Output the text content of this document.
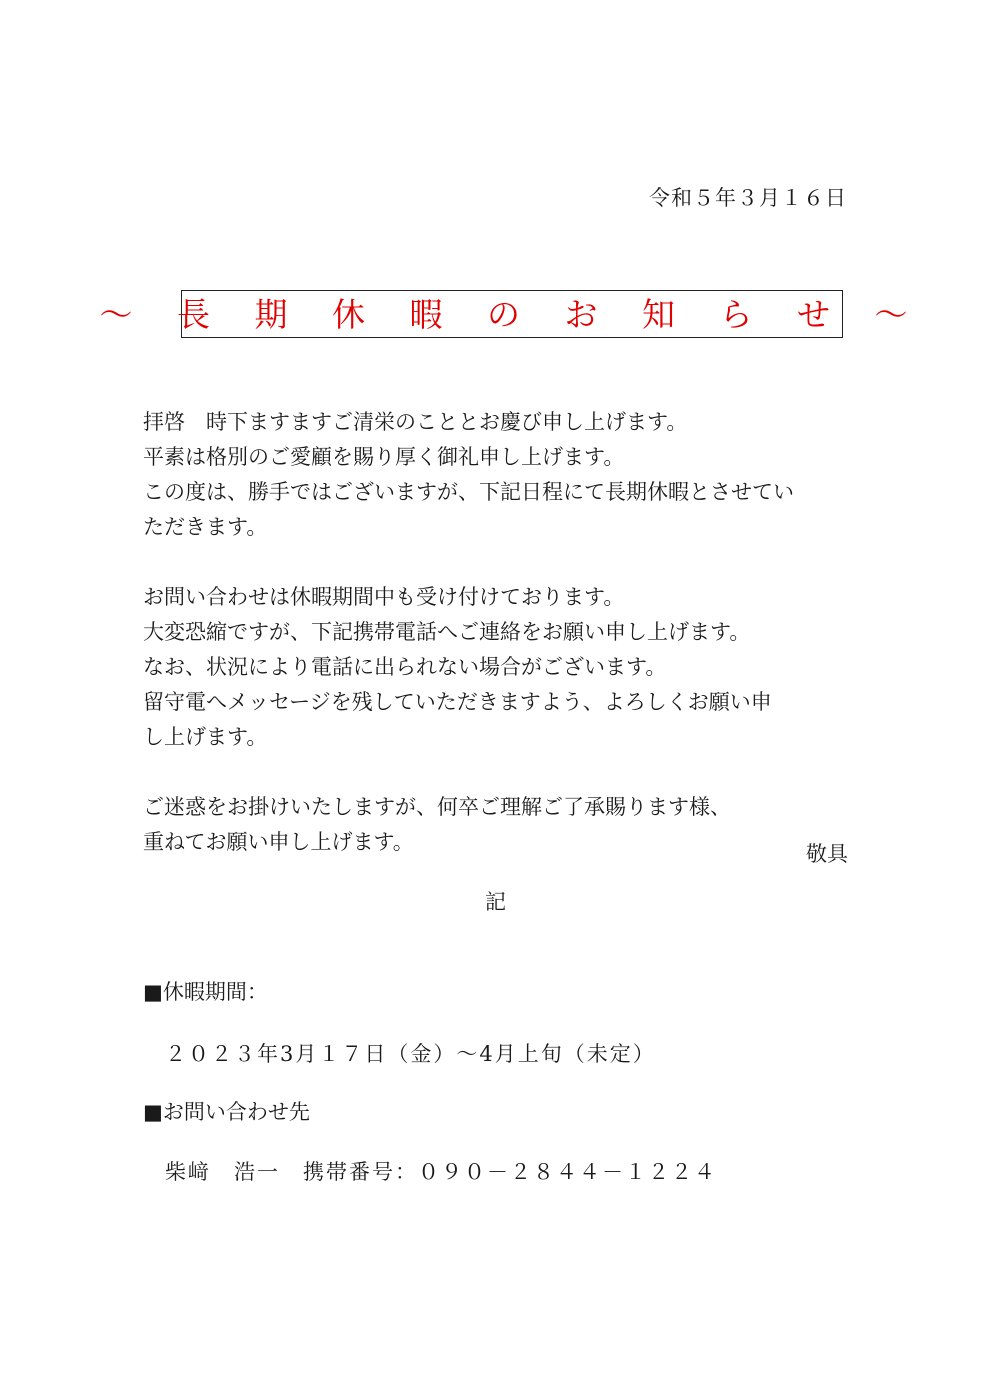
令和５年３月１６日
～ 長 期 休 暇 の お 知 ら せ ～

拝啓　時下ますますご清栄のこととお慶び申し上げます。

平素は格別のご愛顧を賜り厚く御礼申し上げます。

この度は、勝手ではございますが、下記日程にて長期休暇とさせてい

ただきます。

お問い合わせは休暇期間中も受け付けております。

大変恐縮ですが、下記携帯電話へご連絡をお願い申し上げます。

なお、状況により電話に出られない場合がございます。

留守電へメッセージを残していただきますよう、よろしくお願い申

し上げます。

ご迷惑をお掛けいたしますが、何卒ご理解ご了承賜ります様、

重ねてお願い申し上げます。	敬具
記
■休暇期間：
２０２３年3月１７日（金）～4月上旬（未定）
■お問い合わせ先
柴﨑　浩一　携帯番号：０９０－２８４４－１２２４
